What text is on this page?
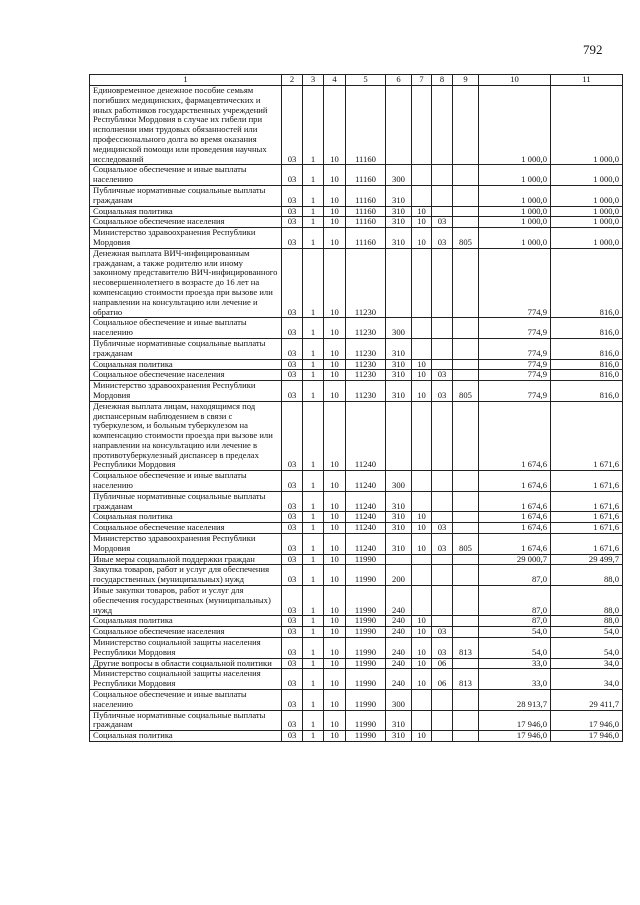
792
1	2	3	4	5	6	7	8	9	10	11
Единовременное денежное пособие семьям погибших медицинских, фармацевтических и иных работников государственных учреждений Республики Мордовия в случае их гибели при исполнении ими трудовых обязанностей или профессионального долга во время оказания медицинской помощи или проведения научных исследований	03	1	10	11160					1 000,0	1 000,0
Социальное обеспечение и иные выплаты населению	03	1	10	11160	300				1 000,0	1 000,0
Публичные нормативные социальные выплаты гражданам	03	1	10	11160	310				1 000,0	1 000,0
Социальная политика	03	1	10	11160	310	10			1 000,0	1 000,0
Социальное обеспечение населения	03	1	10	11160	310	10	03		1 000,0	1 000,0
Министерство здравоохранения Республики Мордовия	03	1	10	11160	310	10	03	805	1 000,0	1 000,0
Денежная выплата ВИЧ-инфицированным гражданам, а также родителю или иному законному представителю ВИЧ-инфицированного несовершеннолетнего в возрасте до 16 лет на компенсацию стоимости проезда при вызове или направлении на консультацию или лечение и обратно	03	1	10	11230					774,9	816,0
Социальное обеспечение и иные выплаты населению	03	1	10	11230	300				774,9	816,0
Публичные нормативные социальные выплаты гражданам	03	1	10	11230	310				774,9	816,0
Социальная политика	03	1	10	11230	310	10			774,9	816,0
Социальное обеспечение населения	03	1	10	11230	310	10	03		774,9	816,0
Министерство здравоохранения Республики Мордовия	03	1	10	11230	310	10	03	805	774,9	816,0
Денежная выплата лицам, находящимся под диспансерным наблюдением в связи с туберкулезом, и больным туберкулезом на компенсацию стоимости проезда при вызове или направлении на консультацию или лечение в противотуберкулезный диспансер в пределах Республики Мордовия	03	1	10	11240					1 674,6	1 671,6
Социальное обеспечение и иные выплаты населению	03	1	10	11240	300				1 674,6	1 671,6
Публичные нормативные социальные выплаты гражданам	03	1	10	11240	310				1 674,6	1 671,6
Социальная политика	03	1	10	11240	310	10			1 674,6	1 671,6
Социальное обеспечение населения	03	1	10	11240	310	10	03		1 674,6	1 671,6
Министерство здравоохранения Республики Мордовия	03	1	10	11240	310	10	03	805	1 674,6	1 671,6
Иные меры социальной поддержки граждан	03	1	10	11990					29 000,7	29 499,7
Закупка товаров, работ и услуг для обеспечения государственных (муниципальных) нужд	03	1	10	11990	200				87,0	88,0
Иные закупки товаров, работ и услуг для обеспечения государственных (муниципальных) нужд	03	1	10	11990	240				87,0	88,0
Социальная политика	03	1	10	11990	240	10			87,0	88,0
Социальное обеспечение населения	03	1	10	11990	240	10	03		54,0	54,0
Министерство социальной защиты населения Республики Мордовия	03	1	10	11990	240	10	03	813	54,0	54,0
Другие вопросы в области социальной политики	03	1	10	11990	240	10	06		33,0	34,0
Министерство социальной защиты населения Республики Мордовия	03	1	10	11990	240	10	06	813	33,0	34,0
Социальное обеспечение и иные выплаты населению	03	1	10	11990	300				28 913,7	29 411,7
Публичные нормативные социальные выплаты гражданам	03	1	10	11990	310				17 946,0	17 946,0
Социальная политика	03	1	10	11990	310	10			17 946,0	17 946,0
